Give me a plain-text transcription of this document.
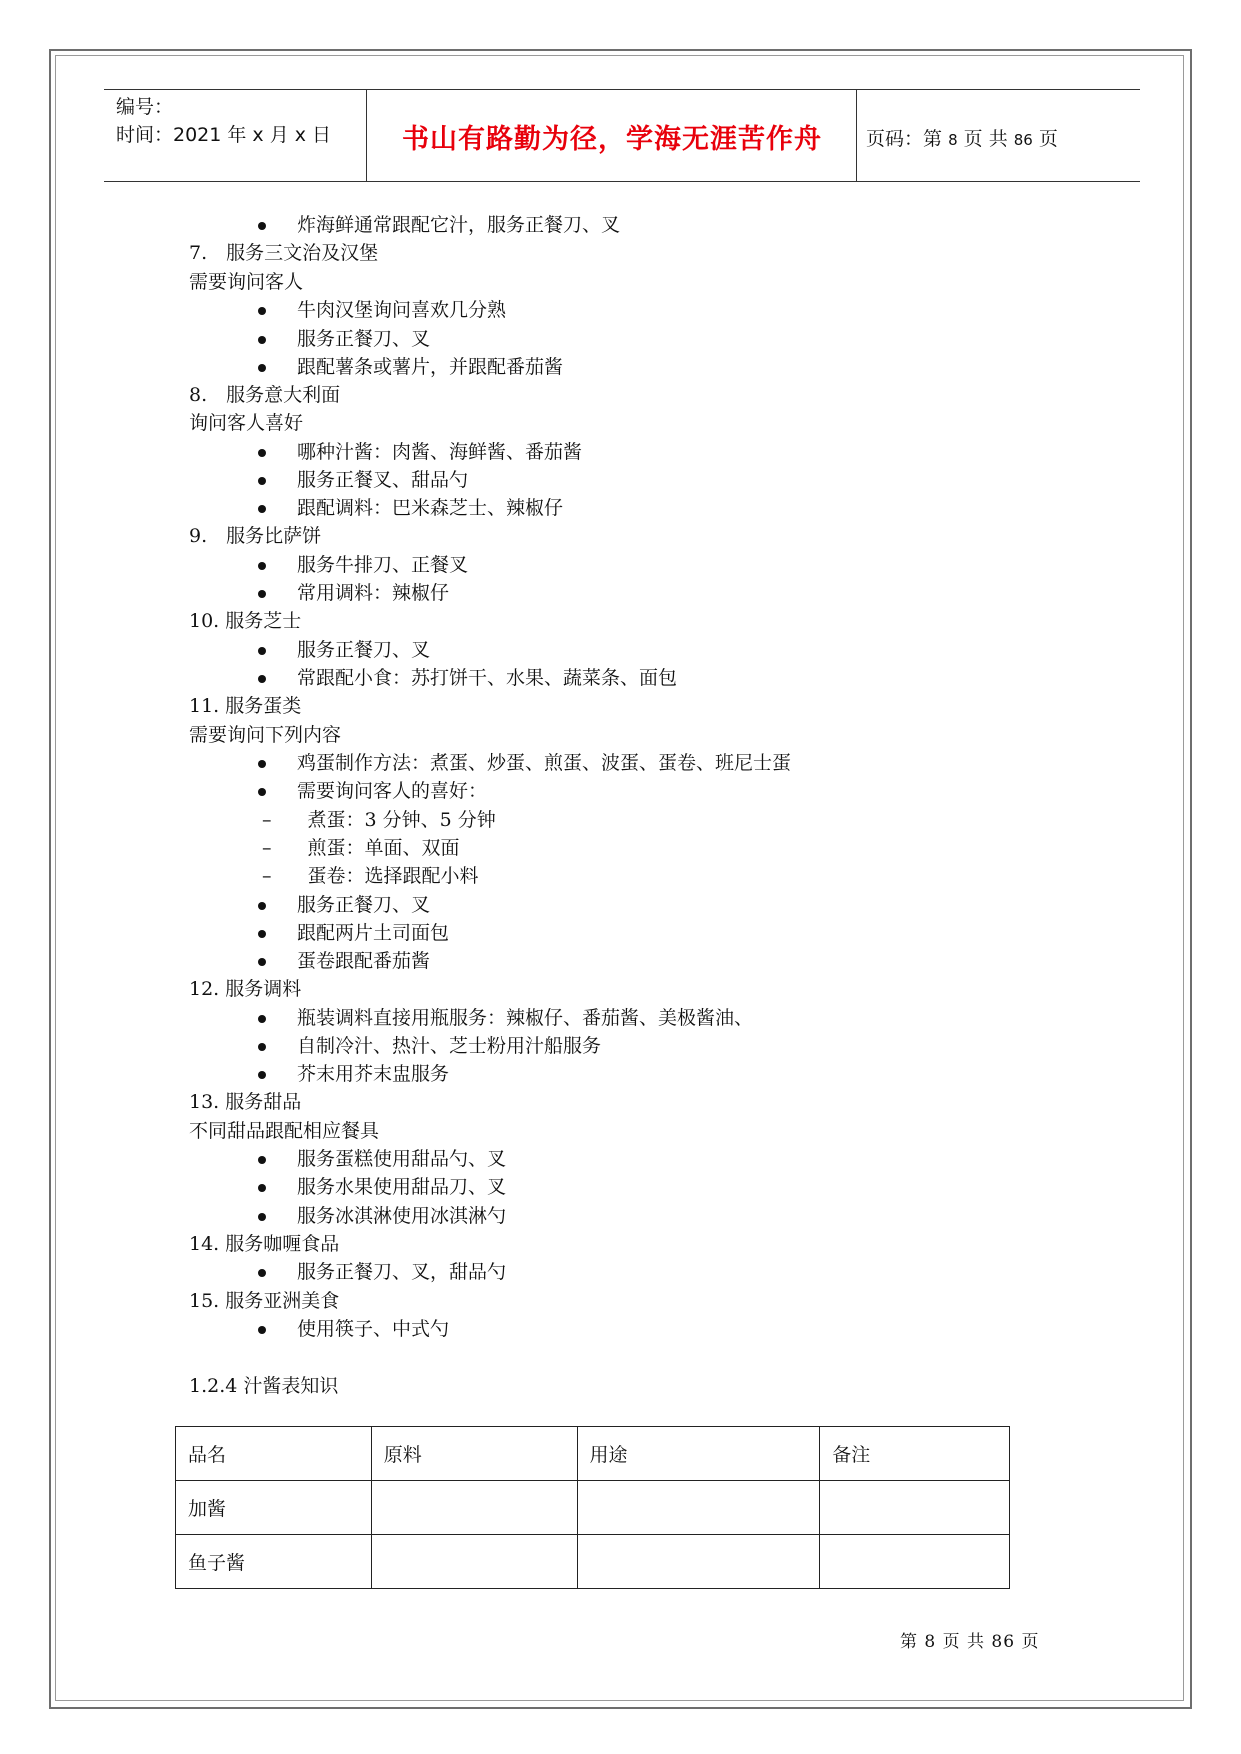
编号：
时间：2021 年 x 月 x 日	书山有路勤为径，学海无涯苦作舟	页码：第 8 页 共 86 页
炸海鲜通常跟配它汁，服务正餐刀、叉
7.　服务三文治及汉堡
需要询问客人
牛肉汉堡询问喜欢几分熟
服务正餐刀、叉
跟配薯条或薯片，并跟配番茄酱
8.　服务意大利面
询问客人喜好
哪种汁酱：肉酱、海鲜酱、番茄酱
服务正餐叉、甜品勺
跟配调料：巴米森芝士、辣椒仔
9.　服务比萨饼
服务牛排刀、正餐叉
常用调料：辣椒仔
10. 服务芝士
服务正餐刀、叉
常跟配小食：苏打饼干、水果、蔬菜条、面包
11. 服务蛋类
需要询问下列内容
鸡蛋制作方法：煮蛋、炒蛋、煎蛋、波蛋、蛋卷、班尼士蛋
需要询问客人的喜好：
– 煮蛋：3 分钟、5 分钟
– 煎蛋：单面、双面
– 蛋卷：选择跟配小料
服务正餐刀、叉
跟配两片土司面包
蛋卷跟配番茄酱
12. 服务调料
瓶装调料直接用瓶服务：辣椒仔、番茄酱、美极酱油、
自制冷汁、热汁、芝士粉用汁船服务
芥末用芥末盅服务
13. 服务甜品
不同甜品跟配相应餐具
服务蛋糕使用甜品勺、叉
服务水果使用甜品刀、叉
服务冰淇淋使用冰淇淋勺
14. 服务咖喱食品
服务正餐刀、叉，甜品勺
15. 服务亚洲美食
使用筷子、中式勺
1.2.4 汁酱表知识
品名	原料	用途	备注
加酱			
鱼子酱			
第 8 页 共 86 页
